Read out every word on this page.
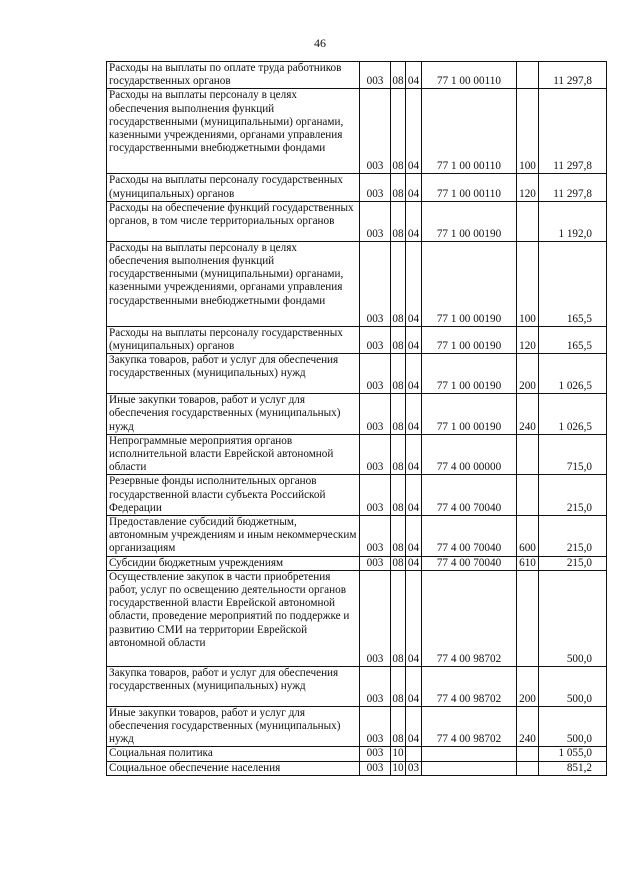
46
Расходы на выплаты по оплате труда работников государственных органов	003	08	04	77 1 00 00110		11 297,8
Расходы на выплаты персоналу в целях обеспечения выполнения функций государственными (муниципальными) органами, казенными учреждениями, органами управления государственными внебюджетными фондами	003	08	04	77 1 00 00110	100	11 297,8
Расходы на выплаты персоналу государственных (муниципальных) органов	003	08	04	77 1 00 00110	120	11 297,8
Расходы на обеспечение функций государственных органов, в том числе территориальных органов	003	08	04	77 1 00 00190		1 192,0
Расходы на выплаты персоналу в целях обеспечения выполнения функций государственными (муниципальными) органами, казенными учреждениями, органами управления государственными внебюджетными фондами	003	08	04	77 1 00 00190	100	165,5
Расходы на выплаты персоналу государственных (муниципальных) органов	003	08	04	77 1 00 00190	120	165,5
Закупка товаров, работ и услуг для обеспечения государственных (муниципальных) нужд	003	08	04	77 1 00 00190	200	1 026,5
Иные закупки товаров, работ и услуг для обеспечения государственных (муниципальных) нужд	003	08	04	77 1 00 00190	240	1 026,5
Непрограммные мероприятия органов исполнительной власти Еврейской автономной области	003	08	04	77 4 00 00000		715,0
Резервные фонды исполнительных органов государственной власти субъекта Российской Федерации	003	08	04	77 4 00 70040		215,0
Предоставление субсидий бюджетным, автономным учреждениям и иным некоммерческим организациям	003	08	04	77 4 00 70040	600	215,0
Субсидии бюджетным учреждениям	003	08	04	77 4 00 70040	610	215,0
Осуществление закупок в части приобретения работ, услуг по освещению деятельности органов государственной власти Еврейской автономной области, проведение мероприятий по поддержке и развитию СМИ на территории Еврейской автономной области	003	08	04	77 4 00 98702		500,0
Закупка товаров, работ и услуг для обеспечения государственных (муниципальных) нужд	003	08	04	77 4 00 98702	200	500,0
Иные закупки товаров, работ и услуг для обеспечения государственных (муниципальных) нужд	003	08	04	77 4 00 98702	240	500,0
Социальная политика	003	10				1 055,0
Социальное обеспечение населения	003	10	03			851,2
